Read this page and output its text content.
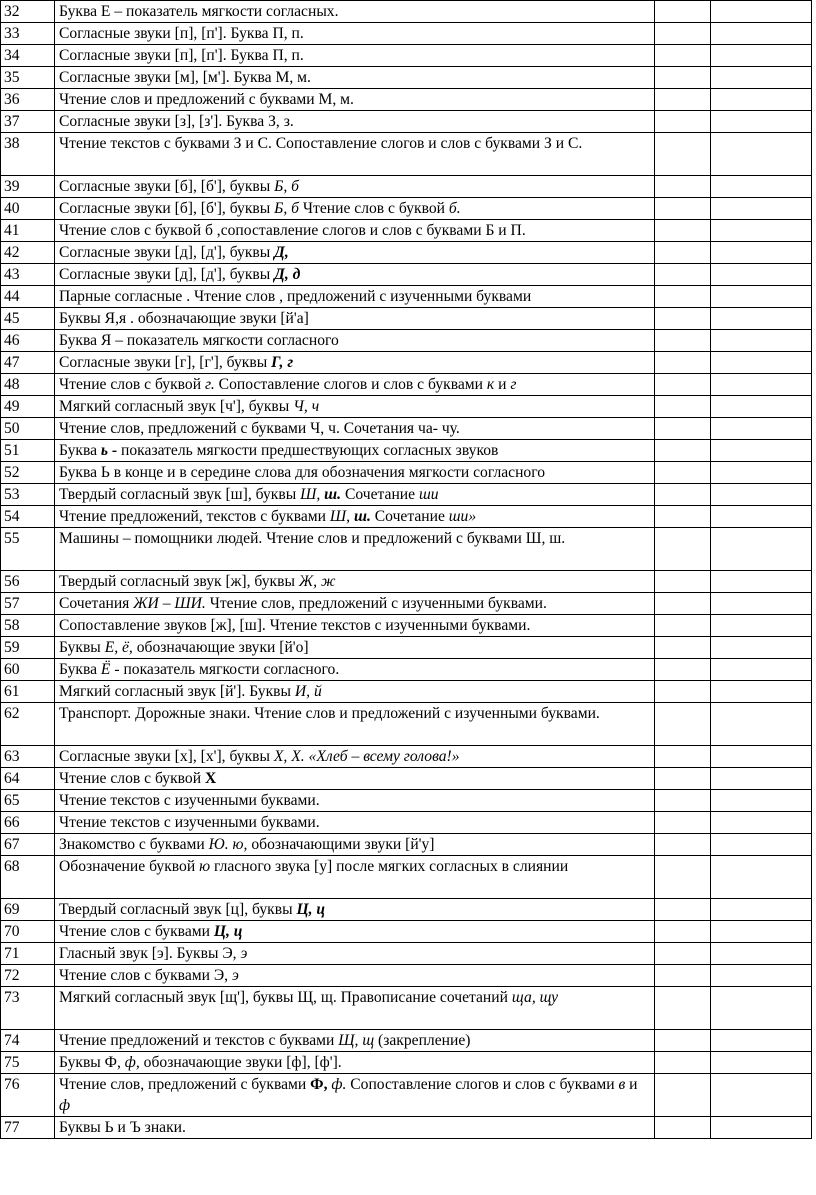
32	Буква Е – показатель мягкости согласных.		
33	Согласные звуки [п], [п']. Буква П, п.		
34	Согласные звуки [п], [п']. Буква П, п.		
35	Согласные звуки [м], [м']. Буква М, м.		
36	Чтение слов и предложений с буквами М, м.		
37	Согласные звуки [з], [з']. Буква З, з.		
38	Чтение текстов с буквами З и С. Сопоставление слогов и слов с буквами З и С.		
39	Согласные звуки [б], [б'], буквы Б, б		
40	Согласные звуки [б], [б'], буквы Б, б Чтение слов с буквой б.		
41	Чтение слов с буквой б ,сопоставление слогов и слов с буквами Б и П.		
42	Согласные звуки [д], [д'], буквы Д,		
43	Согласные звуки [д], [д'], буквы Д, д		
44	Парные согласные . Чтение слов , предложений с изученными буквами		
45	Буквы Я,я . обозначающие звуки [й'а]		
46	Буква Я – показатель мягкости согласного		
47	Согласные звуки [г], [г'], буквы Г, г		
48	Чтение слов с буквой г. Сопоставление слогов и слов с буквами к и г		
49	Мягкий согласный звук [ч'], буквы Ч, ч		
50	Чтение слов, предложений с буквами Ч, ч. Сочетания ча- чу.		
51	Буква ь - показатель мягкости предшествующих согласных звуков		
52	Буква Ь в конце и в середине слова для обозначения мягкости согласного		
53	Твердый согласный звук [ш], буквы Ш, ш. Сочетание ши		
54	Чтение предложений, текстов с буквами Ш, ш. Сочетание ши»		
55	Машины – помощники людей. Чтение слов и предложений с буквами Ш, ш.		
56	Твердый согласный звук [ж], буквы Ж, ж		
57	Сочетания ЖИ – ШИ. Чтение слов, предложений с изученными буквами.		
58	Сопоставление звуков [ж], [ш]. Чтение текстов с изученными буквами.		
59	Буквы Е, ё, обозначающие звуки [й'о]		
60	Буква Ё - показатель мягкости согласного.		
61	Мягкий согласный звук [й']. Буквы И, й		
62	Транспорт. Дорожные знаки. Чтение слов и предложений с изученными буквами.		
63	Согласные звуки [х], [х'], буквы Х, Х. «Хлеб – всему голова!»		
64	Чтение слов с буквой Х		
65	Чтение текстов с изученными буквами.		
66	Чтение текстов с изученными буквами.		
67	Знакомство с буквами Ю. ю, обозначающими звуки [й'у]		
68	Обозначение буквой ю гласного звука [у] после мягких согласных в слиянии		
69	Твердый согласный звук [ц], буквы Ц, ц		
70	Чтение слов с буквами Ц, ц		
71	Гласный звук [э]. Буквы Э, э		
72	Чтение слов с буквами Э, э		
73	Мягкий согласный звук [щ'], буквы Щ, щ. Правописание сочетаний ща, щу		
74	Чтение предложений и текстов с буквами Щ, щ (закрепление)		
75	Буквы Ф, ф, обозначающие звуки [ф], [ф'].		
76	Чтение слов, предложений с буквами Ф, ф. Сопоставление слогов и слов с буквами в и ф		
77	Буквы Ь и Ъ знаки.		
